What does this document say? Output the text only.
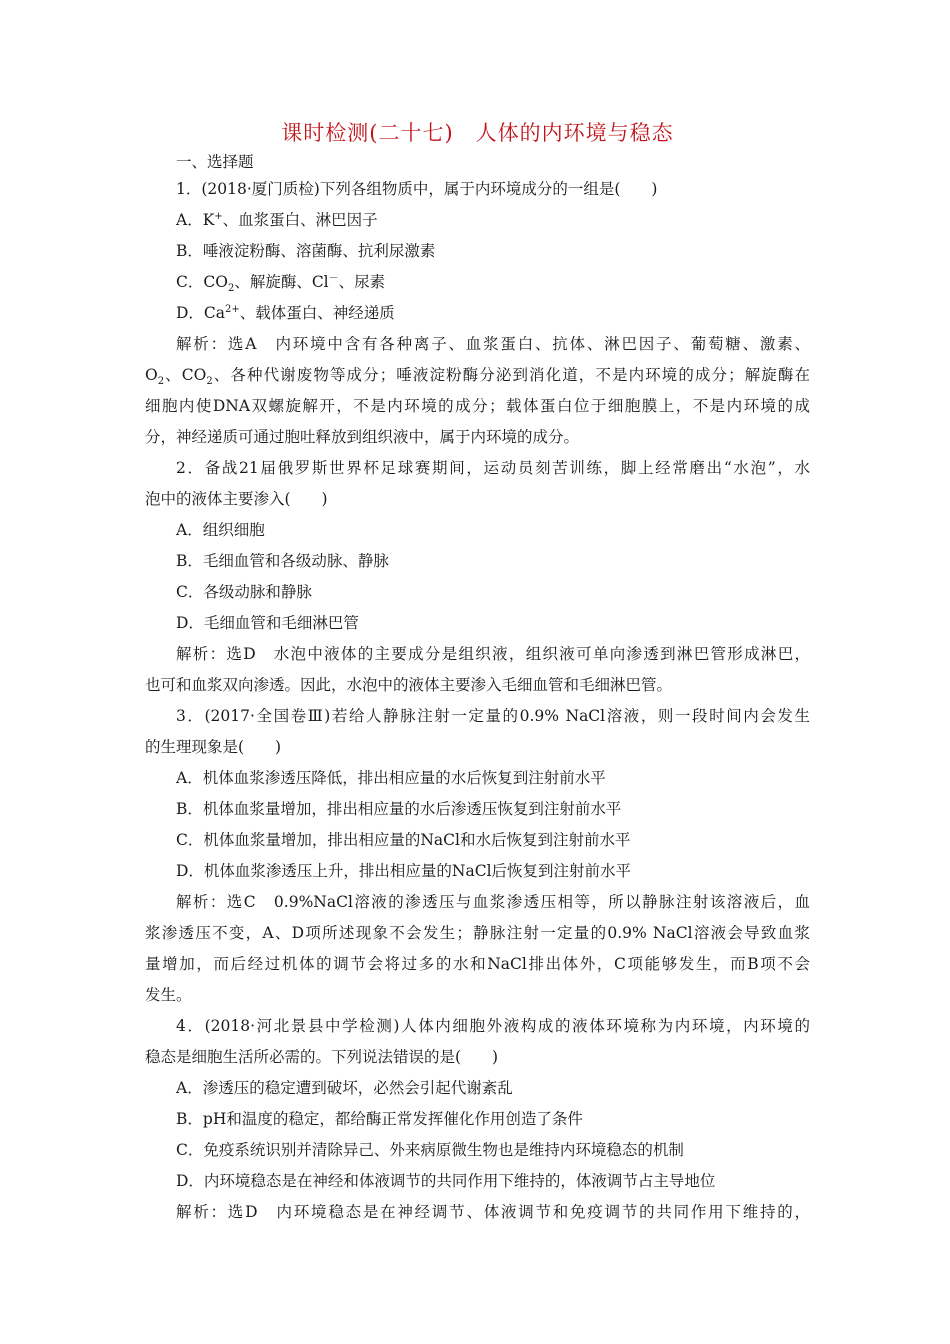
课时检测(二十七)　人体的内环境与稳态
一、选择题
1．(2018·厦门质检)下列各组物质中，属于内环境成分的一组是(　　)
A．K+、血浆蛋白、淋巴因子
B．唾液淀粉酶、溶菌酶、抗利尿激素
C．$CO_2$、解旋酶、Cl－、尿素
D．$Ca^{2+}$、载体蛋白、神经递质
解析：选A　内环境中含有各种离子、血浆蛋白、抗体、淋巴因子、葡萄糖、激素、
$O_2$、$CO_2$、各种代谢废物等成分；唾液淀粉酶分泌到消化道，不是内环境的成分；解旋酶在
细胞内使DNA双螺旋解开，不是内环境的成分；载体蛋白位于细胞膜上，不是内环境的成
分，神经递质可通过胞吐释放到组织液中，属于内环境的成分。
2．备战21届俄罗斯世界杯足球赛期间，运动员刻苦训练，脚上经常磨出“水泡”，水
泡中的液体主要渗入(　　)
A．组织细胞
B．毛细血管和各级动脉、静脉
C．各级动脉和静脉
D．毛细血管和毛细淋巴管
解析：选D　水泡中液体的主要成分是组织液，组织液可单向渗透到淋巴管形成淋巴，
也可和血浆双向渗透。因此，水泡中的液体主要渗入毛细血管和毛细淋巴管。
3．(2017·全国卷Ⅲ)若给人静脉注射一定量的0.9% NaCl溶液，则一段时间内会发生
的生理现象是(　　)
A．机体血浆渗透压降低，排出相应量的水后恢复到注射前水平
B．机体血浆量增加，排出相应量的水后渗透压恢复到注射前水平
C．机体血浆量增加，排出相应量的NaCl和水后恢复到注射前水平
D．机体血浆渗透压上升，排出相应量的NaCl后恢复到注射前水平
解析：选C　0.9%NaCl溶液的渗透压与血浆渗透压相等，所以静脉注射该溶液后，血
浆渗透压不变，A、D项所述现象不会发生；静脉注射一定量的0.9% NaCl溶液会导致血浆
量增加，而后经过机体的调节会将过多的水和NaCl排出体外，C项能够发生，而B项不会
发生。
4．(2018·河北景县中学检测)人体内细胞外液构成的液体环境称为内环境，内环境的
稳态是细胞生活所必需的。下列说法错误的是(　　)
A．渗透压的稳定遭到破坏，必然会引起代谢紊乱
B．pH和温度的稳定，都给酶正常发挥催化作用创造了条件
C．免疫系统识别并清除异己、外来病原微生物也是维持内环境稳态的机制
D．内环境稳态是在神经和体液调节的共同作用下维持的，体液调节占主导地位
解析：选D　内环境稳态是在神经调节、体液调节和免疫调节的共同作用下维持的，
